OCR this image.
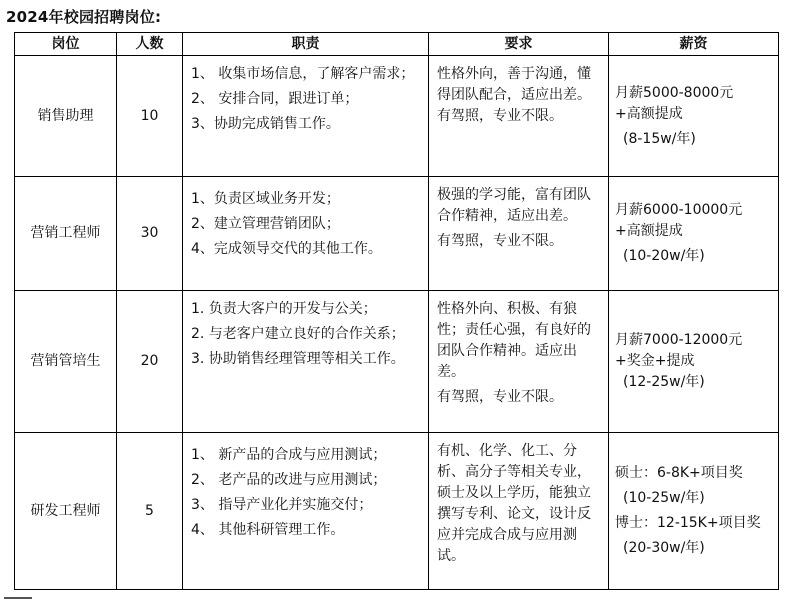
2024年校园招聘岗位:
岗位	人数	职责	要求	薪资
销售助理	10	1、 收集市场信息，了解客户需求；
2、 安排合同，跟进订单；
3、协助完成销售工作。	性格外向，善于沟通，懂得团队配合，适应出差。有驾照，专业不限。	月薪5000-8000元
+高额提成
(8-15w/年)

营销工程师	30	1、负责区域业务开发；
2、建立管理营销团队；
4、完成领导交代的其他工作。	极强的学习能，富有团队合作精神，适应出差。
有驾照，专业不限。	月薪6000-10000元
+高额提成
(10-20w/年)

营销管培生	20	1. 负责大客户的开发与公关；
2. 与老客户建立良好的合作关系；
3. 协助销售经理管理等相关工作。	性格外向、积极、有狼性；责任心强，有良好的团队合作精神。适应出差。
有驾照，专业不限。	月薪7000-12000元
+奖金+提成
(12-25w/年)

研发工程师	5	1、 新产品的合成与应用测试；
2、 老产品的改进与应用测试；
3、 指导产业化并实施交付；
4、 其他科研管理工作。	有机、化学、化工、分析、高分子等相关专业，硕士及以上学历，能独立撰写专利、论文，设计反应并完成合成与应用测试。	硕士：6-8K+项目奖
(10-25w/年)
博士：12-15K+项目奖
(20-30w/年)
